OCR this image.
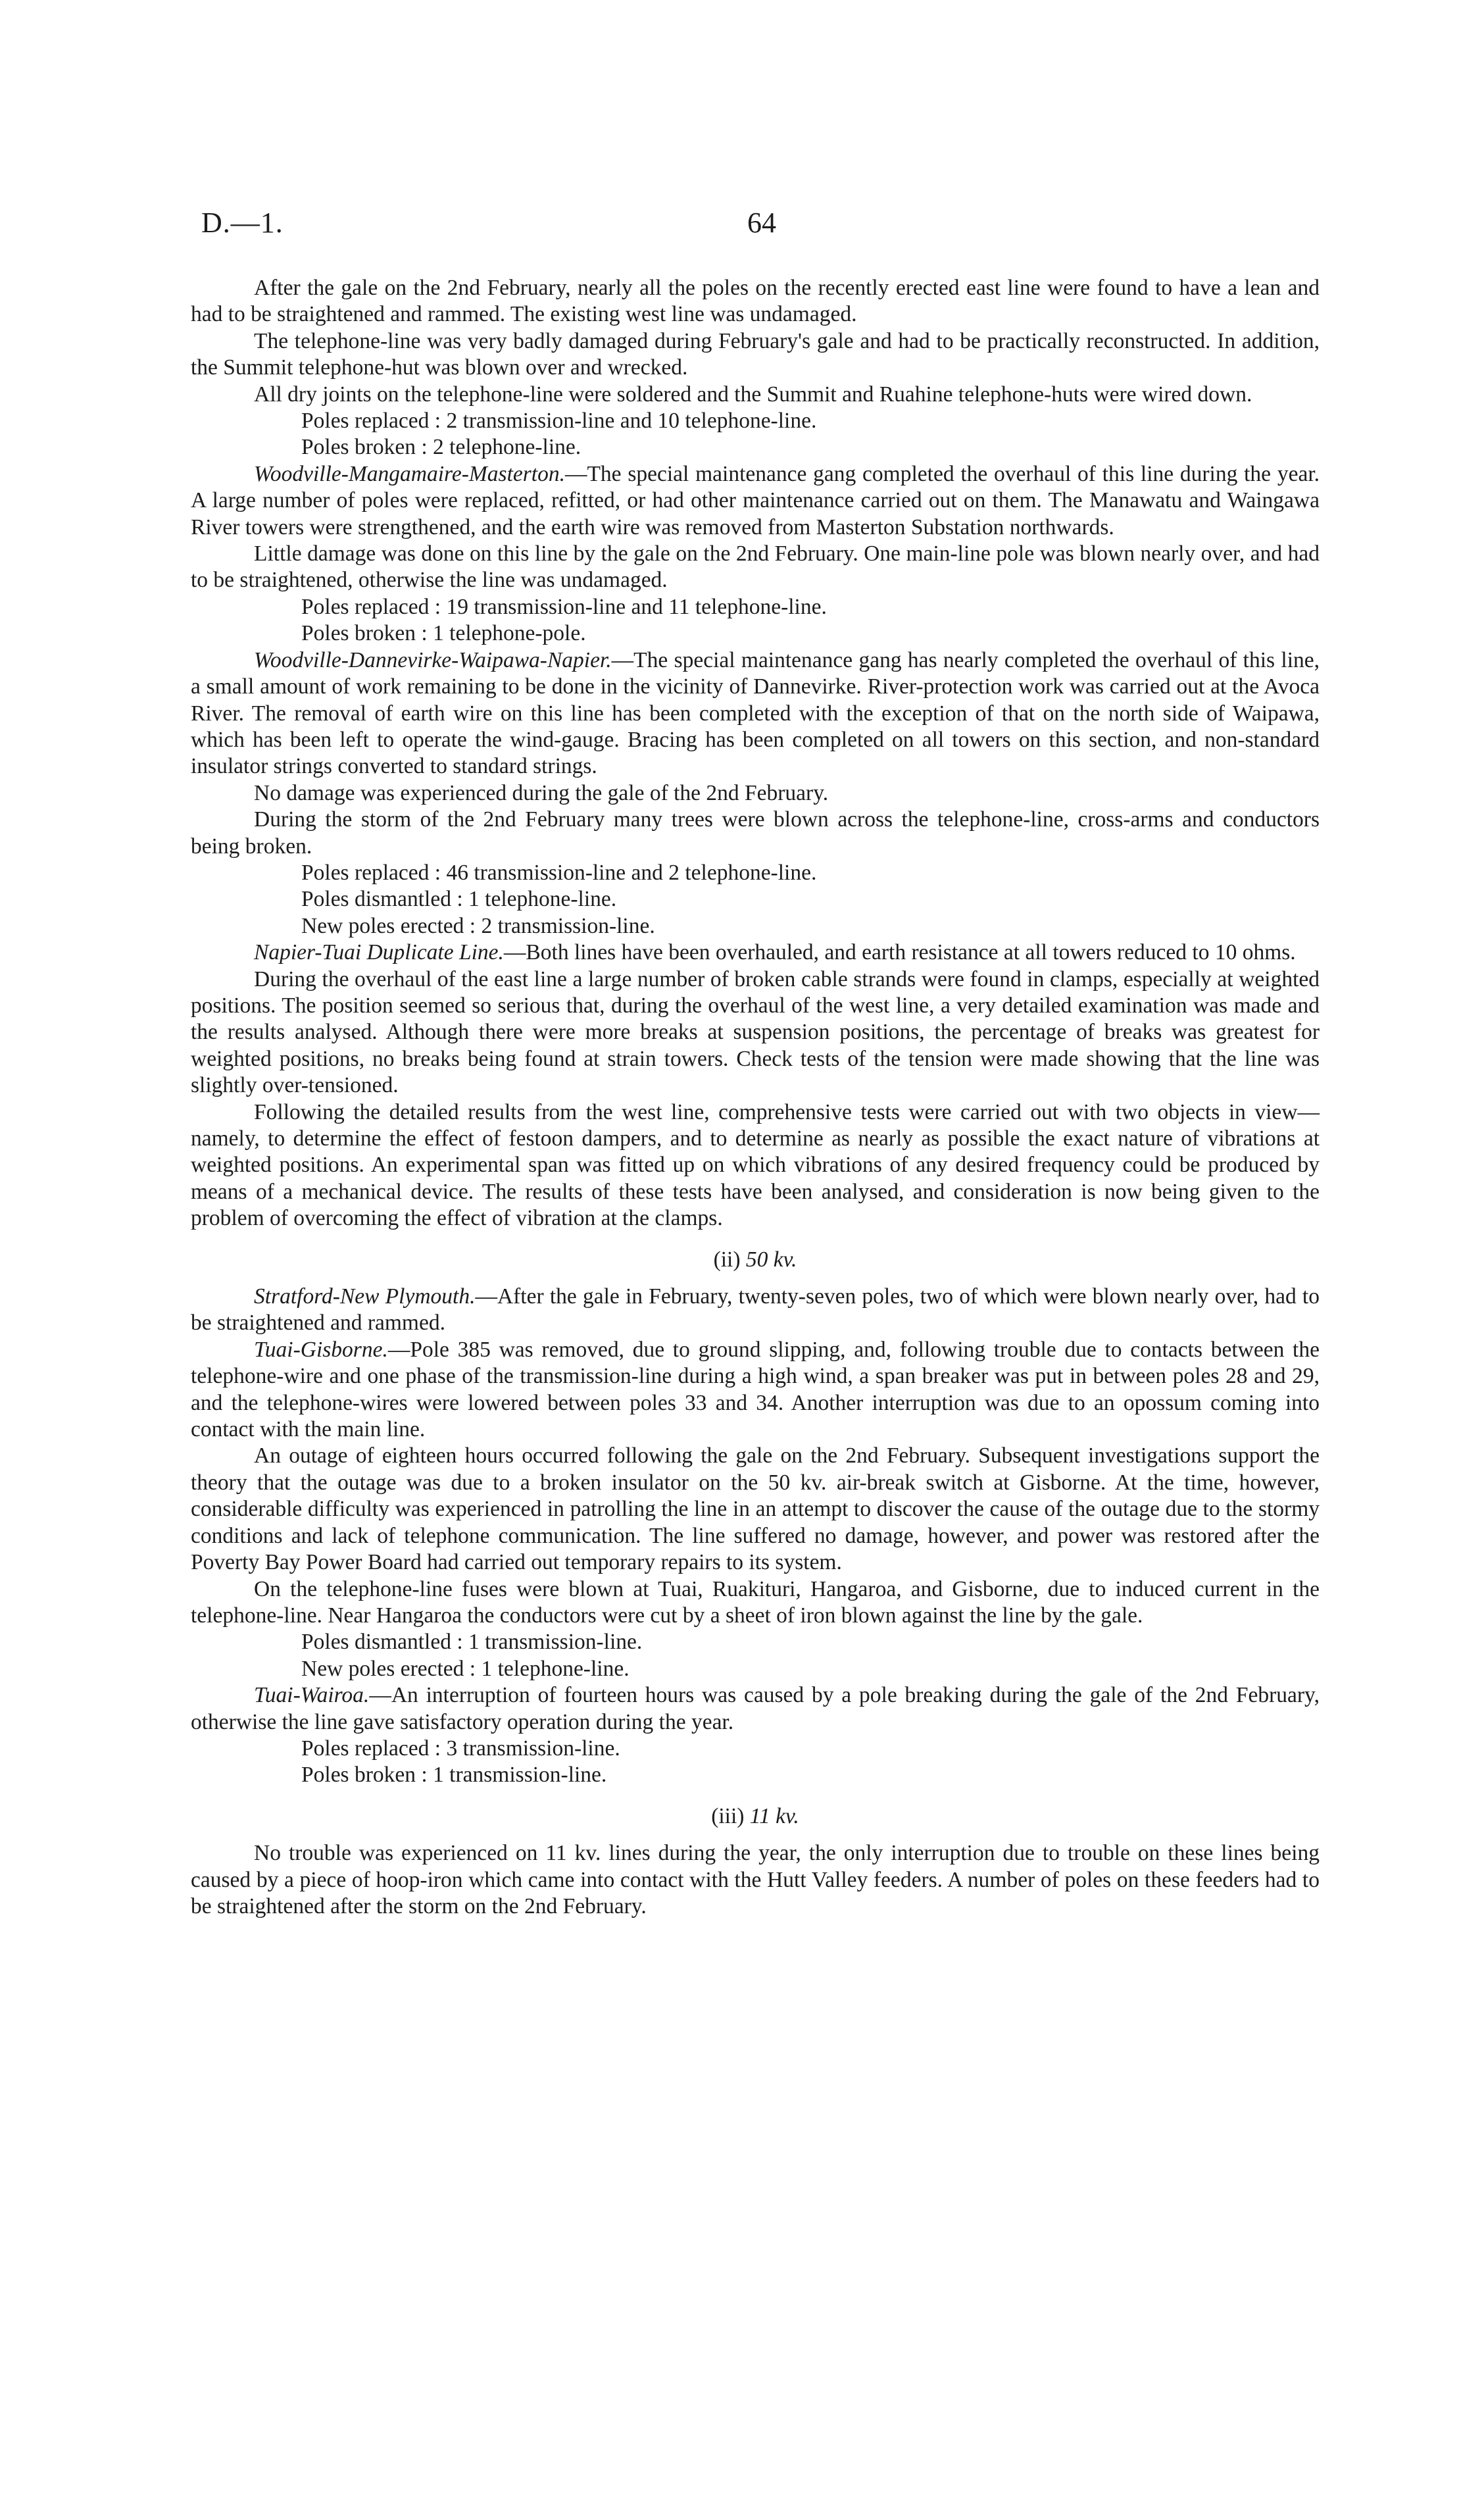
D.—1.	64

After the gale on the 2nd February, nearly all the poles on the recently erected east line were found to have a lean and had to be straightened and rammed. The existing west line was undamaged.

The telephone-line was very badly damaged during February's gale and had to be practically reconstructed. In addition, the Summit telephone-hut was blown over and wrecked.

All dry joints on the telephone-line were soldered and the Summit and Ruahine telephone-huts were wired down.

Poles replaced : 2 transmission-line and 10 telephone-line.
Poles broken : 2 telephone-line.

Woodville-Mangamaire-Masterton.—The special maintenance gang completed the overhaul of this line during the year. A large number of poles were replaced, refitted, or had other maintenance carried out on them. The Manawatu and Waingawa River towers were strengthened, and the earth wire was removed from Masterton Substation northwards.

Little damage was done on this line by the gale on the 2nd February. One main-line pole was blown nearly over, and had to be straightened, otherwise the line was undamaged.

Poles replaced : 19 transmission-line and 11 telephone-line.
Poles broken : 1 telephone-pole.

Woodville-Dannevirke-Waipawa-Napier.—The special maintenance gang has nearly completed the overhaul of this line, a small amount of work remaining to be done in the vicinity of Dannevirke. River-protection work was carried out at the Avoca River. The removal of earth wire on this line has been completed with the exception of that on the north side of Waipawa, which has been left to operate the wind-gauge. Bracing has been completed on all towers on this section, and non-standard insulator strings converted to standard strings.

No damage was experienced during the gale of the 2nd February.

During the storm of the 2nd February many trees were blown across the telephone-line, cross-arms and conductors being broken.

Poles replaced : 46 transmission-line and 2 telephone-line.
Poles dismantled : 1 telephone-line.
New poles erected : 2 transmission-line.

Napier-Tuai Duplicate Line.—Both lines have been overhauled, and earth resistance at all towers reduced to 10 ohms.

During the overhaul of the east line a large number of broken cable strands were found in clamps, especially at weighted positions. The position seemed so serious that, during the overhaul of the west line, a very detailed examination was made and the results analysed. Although there were more breaks at suspension positions, the percentage of breaks was greatest for weighted positions, no breaks being found at strain towers. Check tests of the tension were made showing that the line was slightly over-tensioned.

Following the detailed results from the west line, comprehensive tests were carried out with two objects in view—namely, to determine the effect of festoon dampers, and to determine as nearly as possible the exact nature of vibrations at weighted positions. An experimental span was fitted up on which vibrations of any desired frequency could be produced by means of a mechanical device. The results of these tests have been analysed, and consideration is now being given to the problem of overcoming the effect of vibration at the clamps.

(ii) 50 kv.

Stratford-New Plymouth.—After the gale in February, twenty-seven poles, two of which were blown nearly over, had to be straightened and rammed.

Tuai-Gisborne.—Pole 385 was removed, due to ground slipping, and, following trouble due to contacts between the telephone-wire and one phase of the transmission-line during a high wind, a span breaker was put in between poles 28 and 29, and the telephone-wires were lowered between poles 33 and 34. Another interruption was due to an opossum coming into contact with the main line.

An outage of eighteen hours occurred following the gale on the 2nd February. Subsequent investigations support the theory that the outage was due to a broken insulator on the 50 kv. air-break switch at Gisborne. At the time, however, considerable difficulty was experienced in patrolling the line in an attempt to discover the cause of the outage due to the stormy conditions and lack of telephone communication. The line suffered no damage, however, and power was restored after the Poverty Bay Power Board had carried out temporary repairs to its system.

On the telephone-line fuses were blown at Tuai, Ruakituri, Hangaroa, and Gisborne, due to induced current in the telephone-line. Near Hangaroa the conductors were cut by a sheet of iron blown against the line by the gale.

Poles dismantled : 1 transmission-line.
New poles erected : 1 telephone-line.

Tuai-Wairoa.—An interruption of fourteen hours was caused by a pole breaking during the gale of the 2nd February, otherwise the line gave satisfactory operation during the year.

Poles replaced : 3 transmission-line.
Poles broken : 1 transmission-line.

(iii) 11 kv.

No trouble was experienced on 11 kv. lines during the year, the only interruption due to trouble on these lines being caused by a piece of hoop-iron which came into contact with the Hutt Valley feeders. A number of poles on these feeders had to be straightened after the storm on the 2nd February.
